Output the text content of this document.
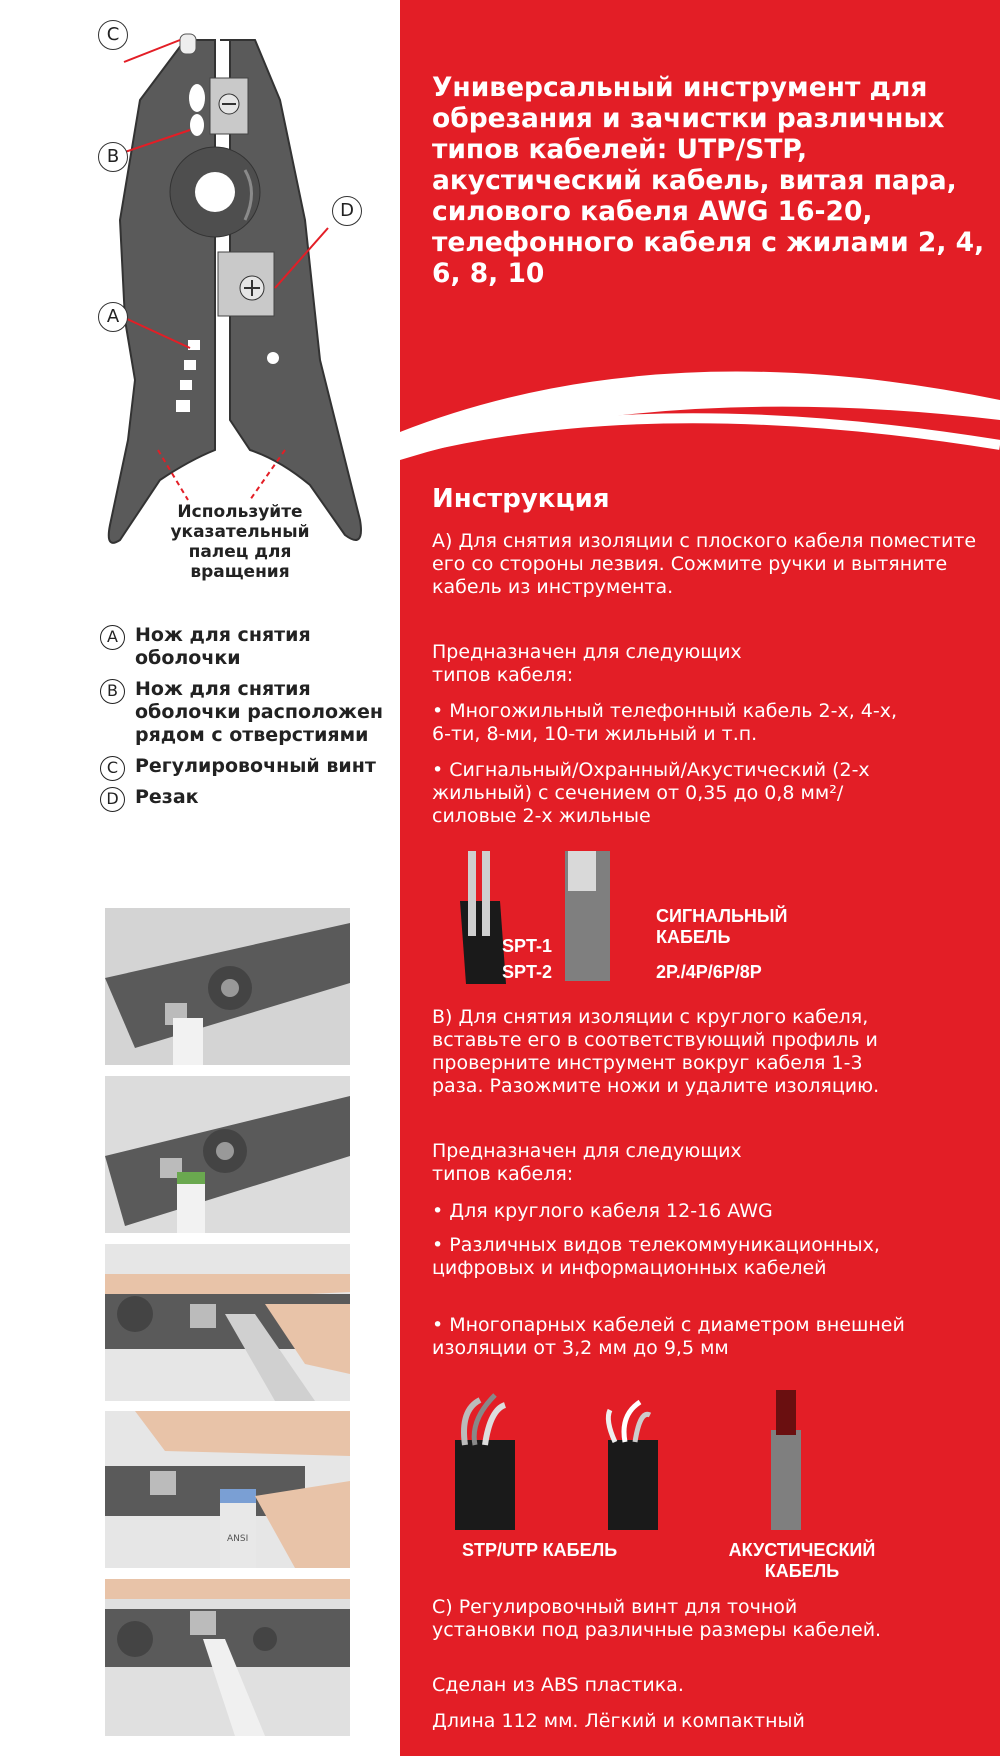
C
B
D
A
Используйте указательный палец для вращения
A Нож для снятия оболочки
B Нож для снятия оболочки расположен рядом с отверстиями
C Регулировочный винт
D Резак
ANSI
Универсальный инструмент для обрезания и зачистки различных типов кабелей: UTP/STP, акустический кабель, витая пара, силового кабеля AWG 16-20, телефонного кабеля с жилами 2, 4, 6, 8, 10
Инструкция
A) Для снятия изоляции с плоского кабеля поместите его со стороны лезвия. Сожмите ручки и вытяните кабель из инструмента.
Предназначен для следующих типов кабеля:
• Многожильный телефонный кабель 2-х, 4-х, 6-ти, 8-ми, 10-ти жильный и т.п.
• Сигнальный/Охранный/Акустический (2-х жильный) с сечением от 0,35 до 0,8 мм²/силовые 2-х жильные
SPT-1
SPT-2
СИГНАЛЬНЫЙ КАБЕЛЬ
2P./4P/6P/8P
B) Для снятия изоляции с круглого кабеля, вставьте его в соответствующий профиль и проверните инструмент вокруг кабеля 1-3 раза. Разожмите ножи и удалите изоляцию.
Предназначен для следующих типов кабеля:
• Для круглого кабеля 12-16 AWG
• Различных видов телекоммуникационных, цифровых и информационных кабелей
• Многопарных кабелей с диаметром внешней изоляции от 3,2 мм до 9,5 мм
STP/UTP КАБЕЛЬ	АКУСТИЧЕСКИЙ КАБЕЛЬ
C) Регулировочный винт для точной установки под различные размеры кабелей.
Сделан из ABS пластика.
Длина 112 мм. Лёгкий и компактный
